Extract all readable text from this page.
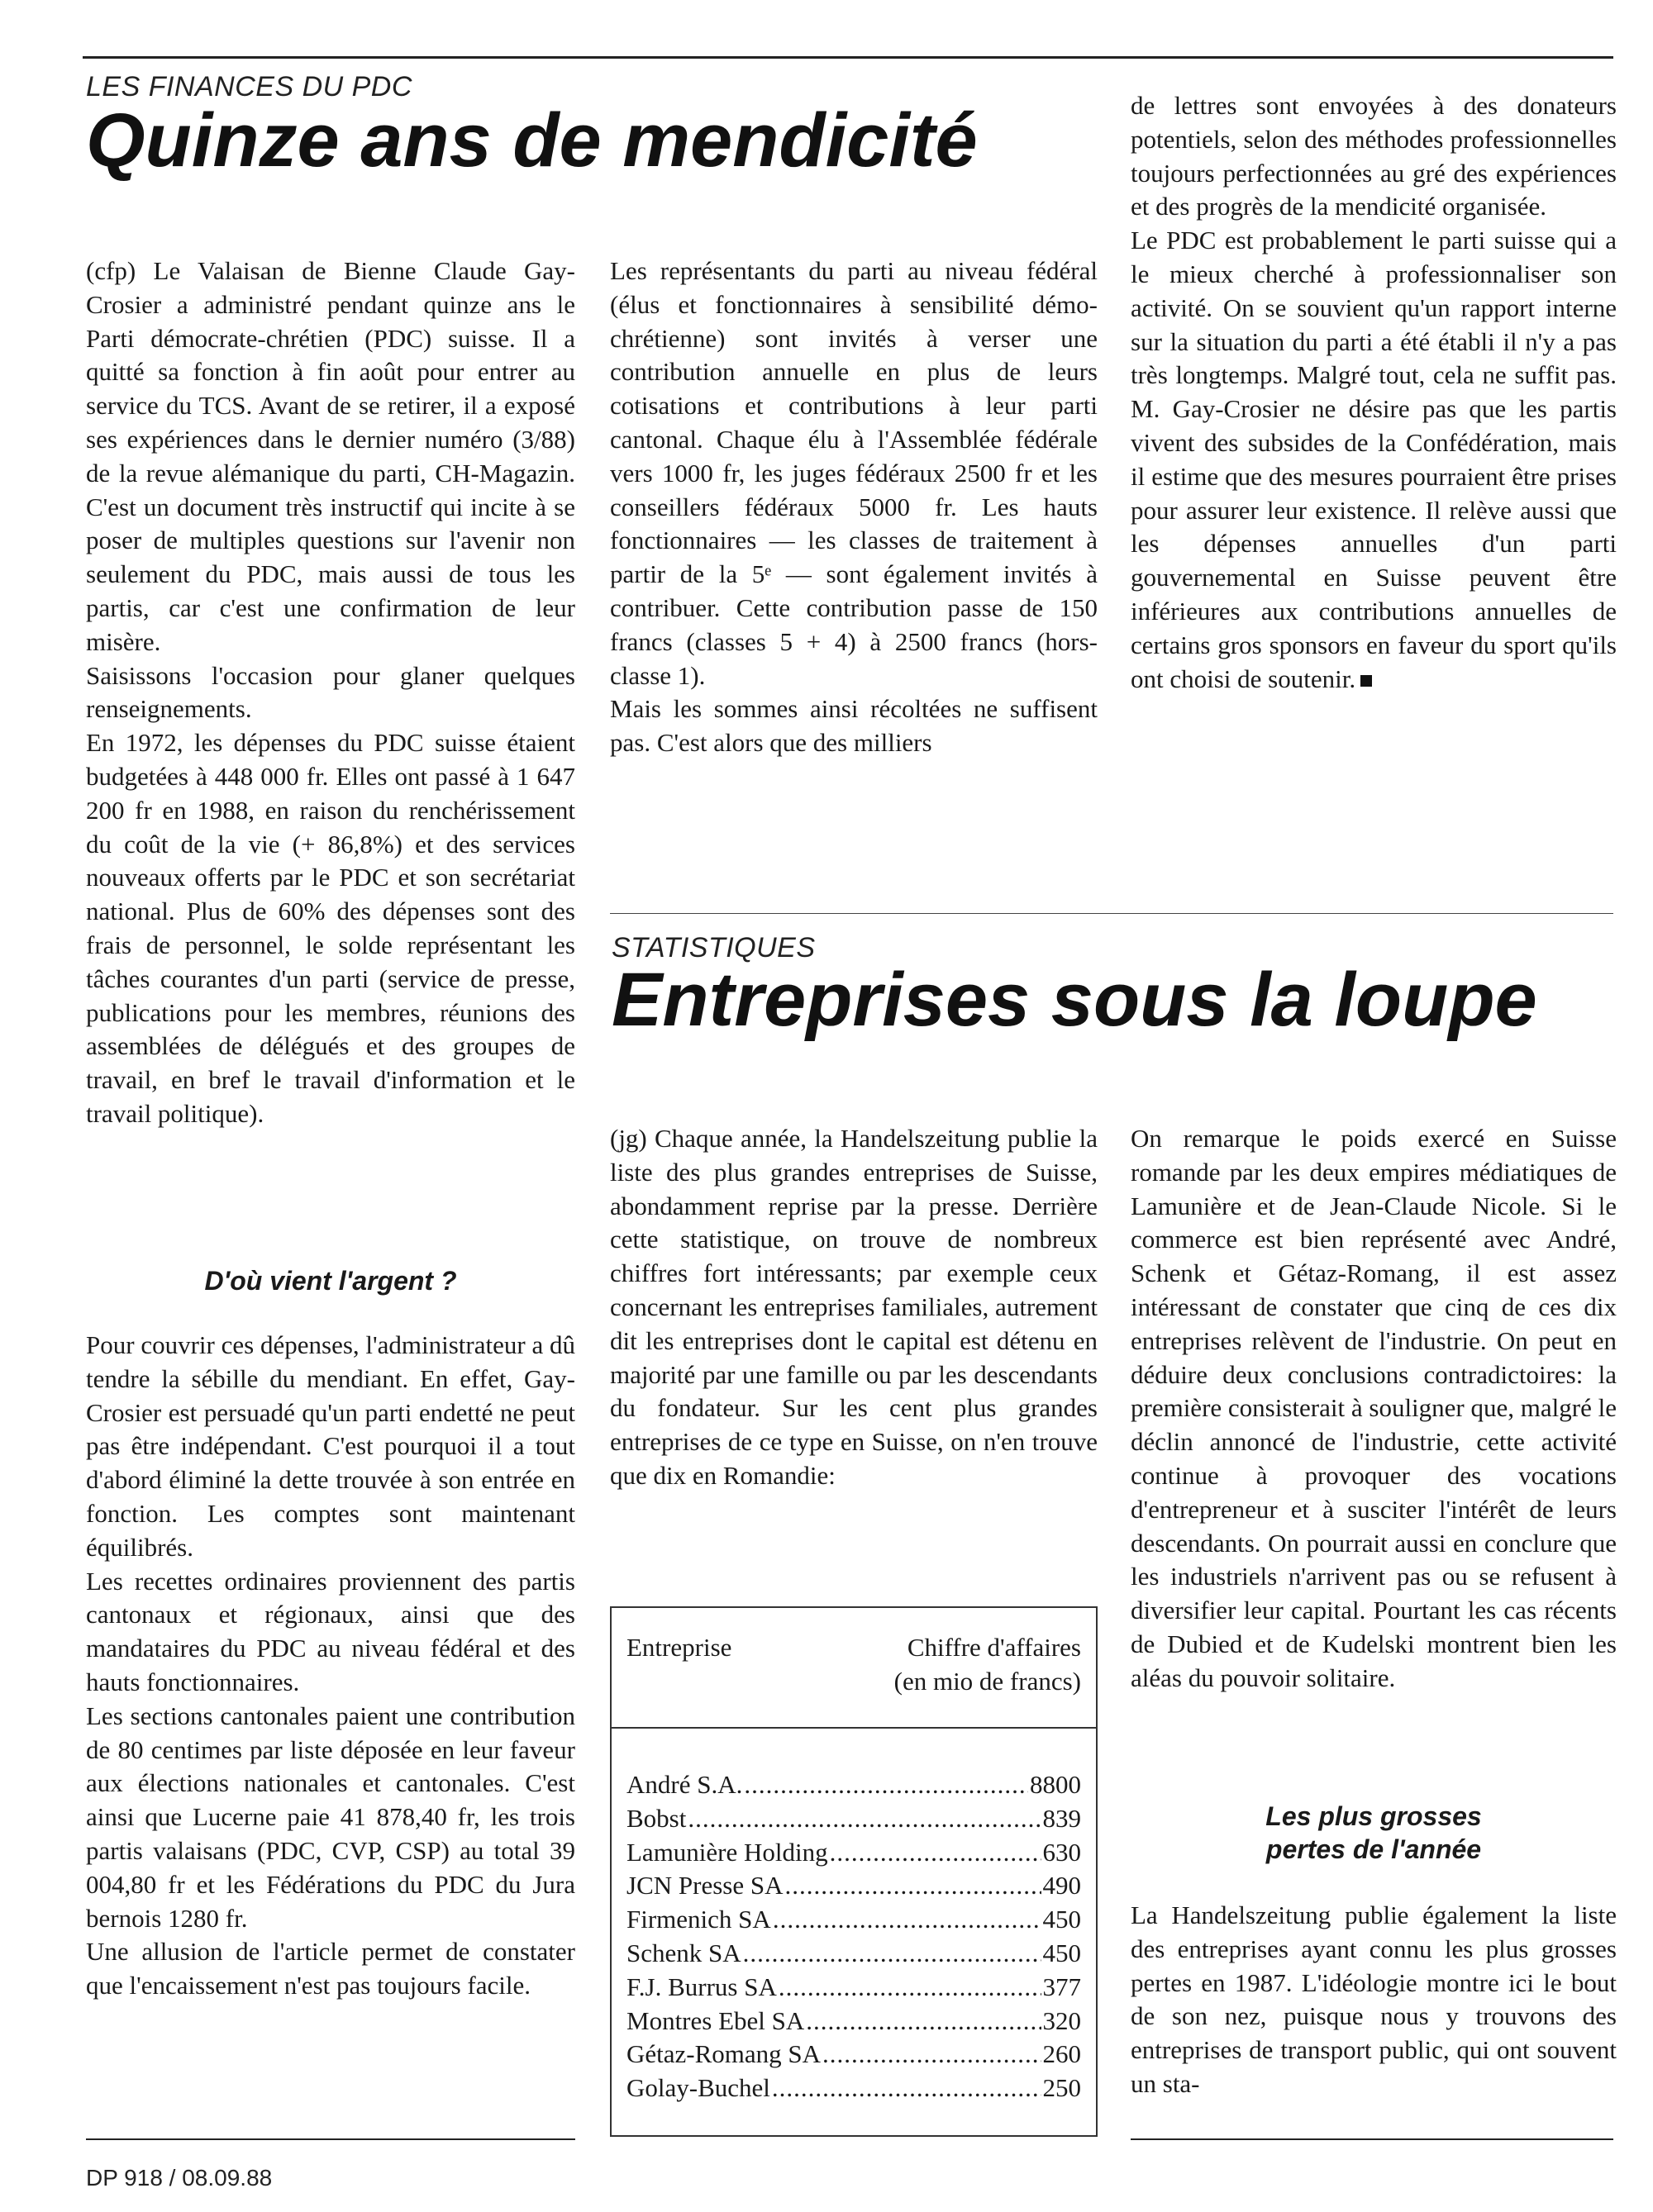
LES FINANCES DU PDC
Quinze ans de mendicité

(cfp) Le Valaisan de Bienne Claude Gay-Crosier a administré pendant quinze ans le Parti démocrate-chrétien (PDC) suisse. Il a quitté sa fonction à fin août pour entrer au service du TCS. Avant de se retirer, il a exposé ses expériences dans le dernier numéro (3/88) de la revue alémanique du parti, CH-Magazin. C'est un document très instructif qui incite à se poser de multiples questions sur l'avenir non seulement du PDC, mais aussi de tous les partis, car c'est une confirmation de leur misère.

Saisissons l'occasion pour glaner quelques renseignements.

En 1972, les dépenses du PDC suisse étaient budgetées à 448 000 fr. Elles ont passé à 1 647 200 fr en 1988, en raison du renchérissement du coût de la vie (+ 86,8%) et des services nouveaux offerts par le PDC et son secrétariat national. Plus de 60% des dépenses sont des frais de personnel, le solde représentant les tâches courantes d'un parti (service de presse, publications pour les membres, réunions des assemblées de délégués et des groupes de travail, en bref le travail d'information et le travail politique).

D'où vient l'argent ?

Pour couvrir ces dépenses, l'administrateur a dû tendre la sébille du mendiant. En effet, Gay-Crosier est persuadé qu'un parti endetté ne peut pas être indépendant. C'est pourquoi il a tout d'abord éliminé la dette trouvée à son entrée en fonction. Les comptes sont maintenant équilibrés.

Les recettes ordinaires proviennent des partis cantonaux et régionaux, ainsi que des mandataires du PDC au niveau fédéral et des hauts fonctionnaires.

Les sections cantonales paient une contribution de 80 centimes par liste déposée en leur faveur aux élections nationales et cantonales. C'est ainsi que Lucerne paie 41 878,40 fr, les trois partis valaisans (PDC, CVP, CSP) au total 39 004,80 fr et les Fédérations du PDC du Jura bernois 1280 fr.

Une allusion de l'article permet de constater que l'encaissement n'est pas toujours facile.

Les représentants du parti au niveau fédéral (élus et fonctionnaires à sensibilité démo-chrétienne) sont invités à verser une contribution annuelle en plus de leurs cotisations et contributions à leur parti cantonal. Chaque élu à l'Assemblée fédérale vers 1000 fr, les juges fédéraux 2500 fr et les conseillers fédéraux 5000 fr. Les hauts fonctionnaires — les classes de traitement à partir de la 5ᵉ — sont également invités à contribuer. Cette contribution passe de 150 francs (classes 5 + 4) à 2500 francs (hors-classe 1).

Mais les sommes ainsi récoltées ne suffisent pas. C'est alors que des milliers

de lettres sont envoyées à des donateurs potentiels, selon des méthodes professionnelles toujours perfectionnées au gré des expériences et des progrès de la mendicité organisée.

Le PDC est probablement le parti suisse qui a le mieux cherché à professionnaliser son activité. On se souvient qu'un rapport interne sur la situation du parti a été établi il n'y a pas très longtemps. Malgré tout, cela ne suffit pas. M. Gay-Crosier ne désire pas que les partis vivent des subsides de la Confédération, mais il estime que des mesures pourraient être prises pour assurer leur existence. Il relève aussi que les dépenses annuelles d'un parti gouvernemental en Suisse peuvent être inférieures aux contributions annuelles de certains gros sponsors en faveur du sport qu'ils ont choisi de soutenir.

STATISTIQUES
Entreprises sous la loupe

(jg) Chaque année, la Handelszeitung publie la liste des plus grandes entreprises de Suisse, abondamment reprise par la presse. Derrière cette statistique, on trouve de nombreux chiffres fort intéressants; par exemple ceux concernant les entreprises familiales, autrement dit les entreprises dont le capital est détenu en majorité par une famille ou par les descendants du fondateur. Sur les cent plus grandes entreprises de ce type en Suisse, on n'en trouve que dix en Romandie:

Entreprise	Chiffre d'affaires
(en mio de francs)
André S.A. .....	8800
Bobst .....	839
Lamunière Holding .....	630
JCN Presse SA .....	490
Firmenich SA .....	450
Schenk SA .....	450
F.J. Burrus SA .....	377
Montres Ebel SA .....	320
Gétaz-Romang SA .....	260
Golay-Buchel .....	250

On remarque le poids exercé en Suisse romande par les deux empires médiatiques de Lamunière et de Jean-Claude Nicole. Si le commerce est bien représenté avec André, Schenk et Gétaz-Romang, il est assez intéressant de constater que cinq de ces dix entreprises relèvent de l'industrie. On peut en déduire deux conclusions contradictoires: la première consisterait à souligner que, malgré le déclin annoncé de l'industrie, cette activité continue à provoquer des vocations d'entrepreneur et à susciter l'intérêt de leurs descendants. On pourrait aussi en conclure que les industriels n'arrivent pas ou se refusent à diversifier leur capital. Pourtant les cas récents de Dubied et de Kudelski montrent bien les aléas du pouvoir solitaire.

Les plus grosses
pertes de l'année

La Handelszeitung publie également la liste des entreprises ayant connu les plus grosses pertes en 1987. L'idéologie montre ici le bout de son nez, puisque nous y trouvons des entreprises de transport public, qui ont souvent un sta-

DP 918 / 08.09.88
